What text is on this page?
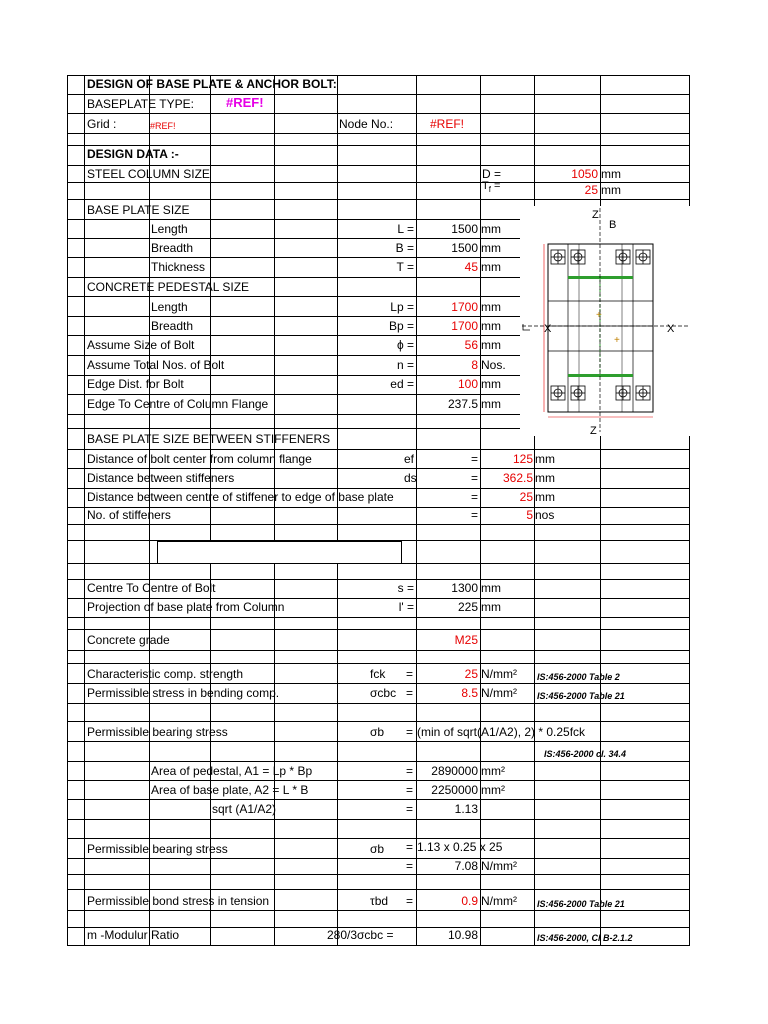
DESIGN OF BASE PLATE & ANCHOR BOLT:
BASEPLATE TYPE: #REF!
Grid :	#REF!	Node No.:	#REF!
DESIGN DATA :-
STEEL COLUMN SIZE	D =	1050 mm
$T_f$ =	25 mm
BASE PLATE SIZE
Length	L =	1500 mm
Breadth	B =	1500 mm
Thickness	T =	45 mm
CONCRETE PEDESTAL SIZE
Length	Lp =	1700 mm
Breadth	Bp =	1700 mm
Assume Size of Bolt	ϕ =	56 mm
Assume Total Nos. of Bolt	n =	8 Nos.
Edge Dist. for Bolt	ed =	100 mm
Edge To Centre of Column Flange	237.5 mm
BASE PLATE SIZE BETWEEN STIFFENERS
Distance of bolt center from column flange	ef	=	125 mm
Distance between stiffeners	ds	=	362.5 mm
Distance between centre of stiffener to edge of base plate	=	25 mm
No. of stiffeners	=	5 nos
Centre To Centre of Bolt	s =	1300 mm
Projection of base plate from Column	l' =	225 mm
Concrete grade	M25
Characteristic comp. strength	fck =	25 N/mm² IS:456-2000 Table 2
Permissible stress in bending comp.	σcbc =	8.5 N/mm² IS:456-2000 Table 21
Permissible bearing stress	σb = (min of sqrt(A1/A2), 2) * 0.25fck
IS:456-2000 cl. 34.4
Area of pedestal, A1 = Lp * Bp	=	2890000 mm²
Area of base plate, A2 = L * B	=	2250000 mm²
sqrt (A1/A2)	=	1.13
Permissible bearing stress	σb = 1.13 x 0.25 x 25
=	7.08 N/mm²
Permissible bond stress in tension	τbd =	0.9 N/mm² IS:456-2000 Table 21
m -Modulur Ratio	280/3σcbc =	10.98	IS:456-2000, Cl B-2.1.2
+
+
Z
B
X	X
Z
